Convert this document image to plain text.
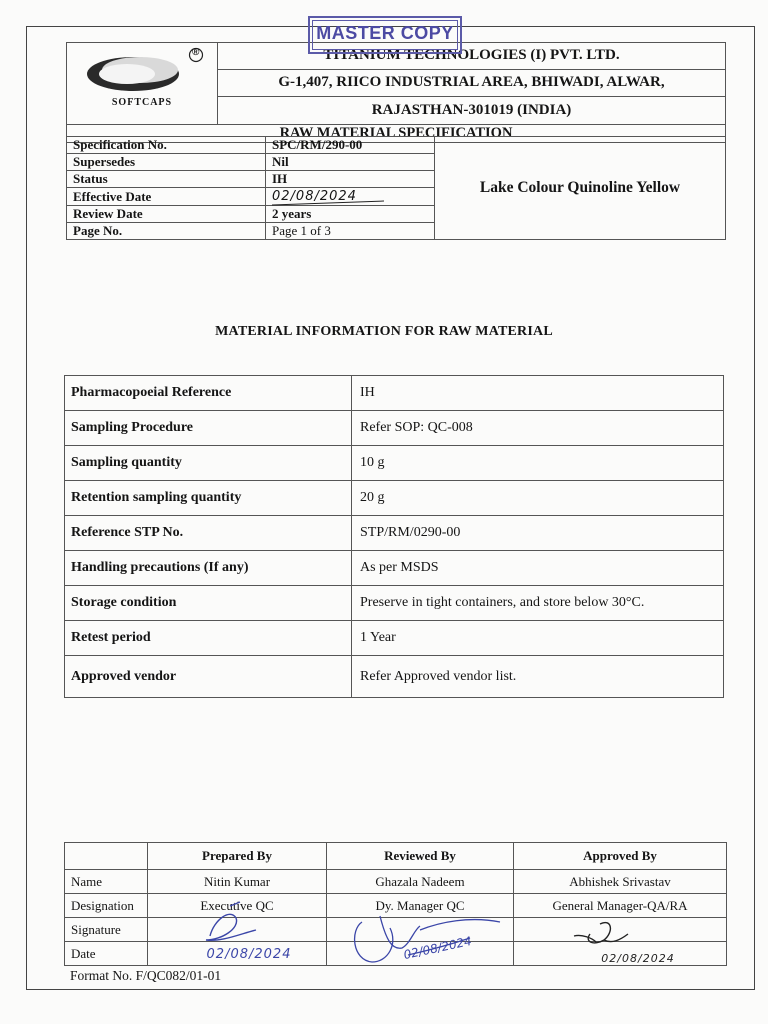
®
SOFTCAPS
	TITANIUM TECHNOLOGIES (I) PVT. LTD.
G-1,407, RIICO INDUSTRIAL AREA, BHIWADI, ALWAR,
RAJASTHAN-301019 (INDIA)
RAW MATERIAL SPECIFICATION
MASTER COPY
Specification No.	SPC/RM/290-00	Lake Colour Quinoline Yellow
Supersedes	Nil	
Status	IH	
Effective Date	02/08/2024	
Review Date	2 years	
Page No.	Page 1 of 3	
MATERIAL INFORMATION FOR RAW MATERIAL
Pharmacopoeial Reference	IH
Sampling Procedure	Refer SOP: QC-008
Sampling quantity	10 g
Retention sampling quantity	20 g
Reference STP No.	STP/RM/0290-00
Handling precautions (If any)	As per MSDS
Storage condition	Preserve in tight containers, and store below 30°C.
Retest period	1 Year
Approved vendor	Refer Approved vendor list.
	Prepared By	Reviewed By	Approved By
Name	Nitin Kumar	Ghazala Nadeem	Abhishek Srivastav
Designation	Executive QC	Dy. Manager QC	General Manager-QA/RA
Signature			
Date	02/08/2024	02/08/2024	$_{02/08/2024}$
Format No. F/QC082/01-01
